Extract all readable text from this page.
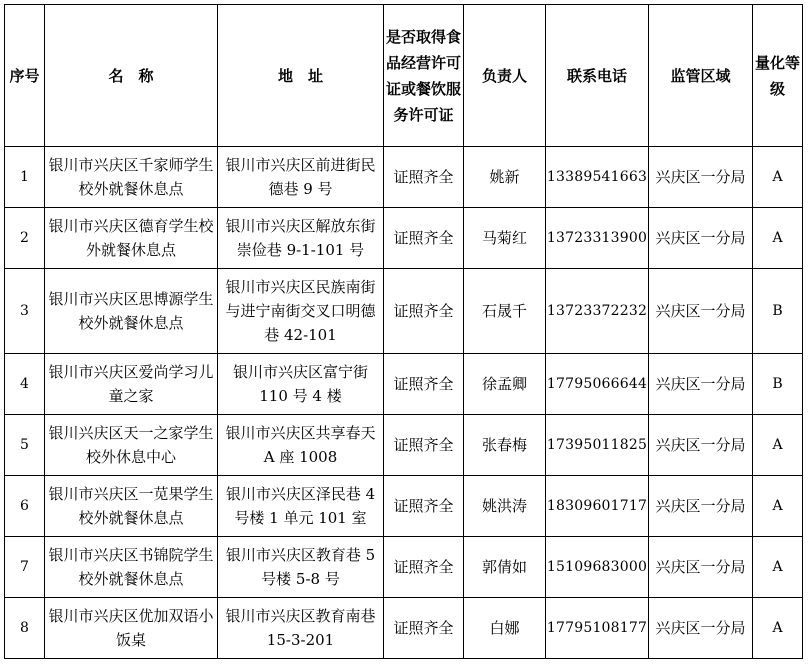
序号	名　称	地　址	是否取得食品经营许可证或餐饮服务许可证	负责人	联系电话	监管区域	量化等级
1	银川市兴庆区千家师学生校外就餐休息点	银川市兴庆区前进街民德巷 9 号	证照齐全	姚新	13389541663	兴庆区一分局	A
2	银川市兴庆区德育学生校外就餐休息点	银川市兴庆区解放东街崇俭巷 9-1-101 号	证照齐全	马菊红	13723313900	兴庆区一分局	A
3	银川市兴庆区思博源学生校外就餐休息点	银川市兴庆区民族南街与进宁南街交叉口明德巷 42-101	证照齐全	石晟千	13723372232	兴庆区一分局	B
4	银川市兴庆区爱尚学习儿童之家	银川市兴庆区富宁街 110 号 4 楼	证照齐全	徐孟卿	17795066644	兴庆区一分局	B
5	银川兴庆区天一之家学生校外休息中心	银川市兴庆区共享春天 A 座 1008	证照齐全	张春梅	17395011825	兴庆区一分局	A
6	银川市兴庆区一苋果学生校外就餐休息点	银川市兴庆区泽民巷 4 号楼 1 单元 101 室	证照齐全	姚洪涛	18309601717	兴庆区一分局	A
7	银川市兴庆区书锦院学生校外就餐休息点	银川市兴庆区教育巷 5 号楼 5-8 号	证照齐全	郭倩如	15109683000	兴庆区一分局	A
8	银川市兴庆区优加双语小饭桌	银川市兴庆区教育南巷 15-3-201	证照齐全	白娜	17795108177	兴庆区一分局	A
